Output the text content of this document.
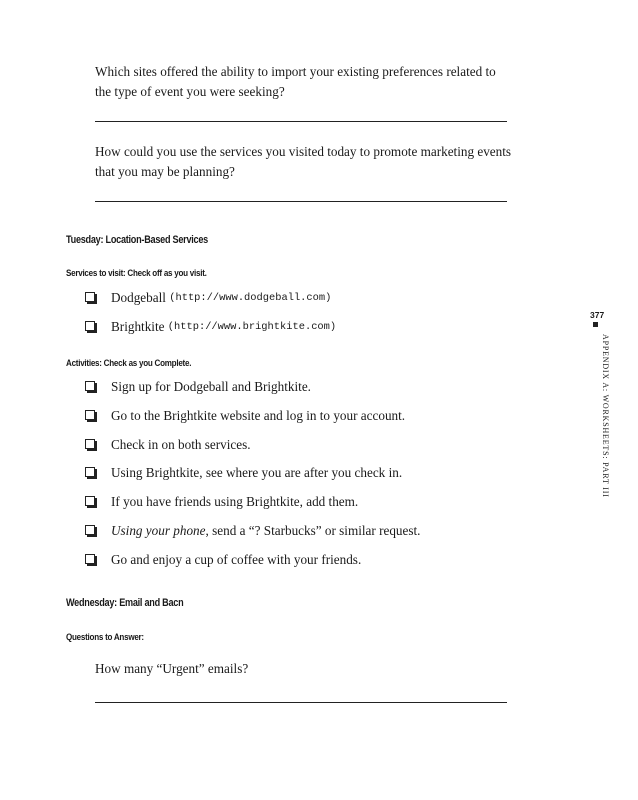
Which sites offered the ability to import your existing preferences related to the type of event you were seeking?
How could you use the services you visited today to promote marketing events that you may be planning?
Tuesday: Location-Based Services
Services to visit: Check off as you visit.
Dodgeball
(http://www.dodgeball.com)
Brightkite
(http://www.brightkite.com)
Activities: Check as you Complete.
Sign up for Dodgeball and Brightkite.
Go to the Brightkite website and log in to your account.
Check in on both services.
Using Brightkite, see where you are after you check in.
If you have friends using Brightkite, add them.
Using your phone , send a “? Starbucks” or similar request.
Go and enjoy a cup of coffee with your friends.
Wednesday: Email and Bacn
Questions to Answer:
How many “Urgent” emails?
377
APPENDIX A: WORKSHEETS: PART III
